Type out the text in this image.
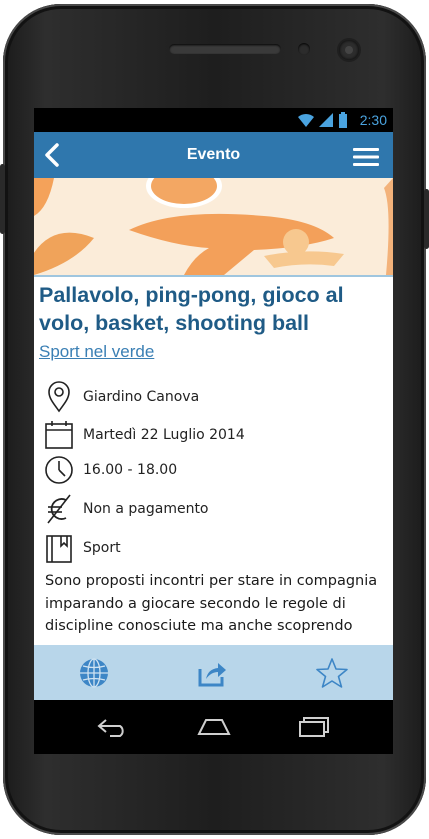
2:30
Evento
Pallavolo, ping-pong, gioco al volo, basket, shooting ball
Sport nel verde
Giardino Canova
Martedì 22 Luglio 2014
16.00 - 18.00
Non a pagamento
Sport

Sono proposti incontri per stare in compagnia imparando a giocare secondo le regole di discipline conosciute ma anche scoprendo
